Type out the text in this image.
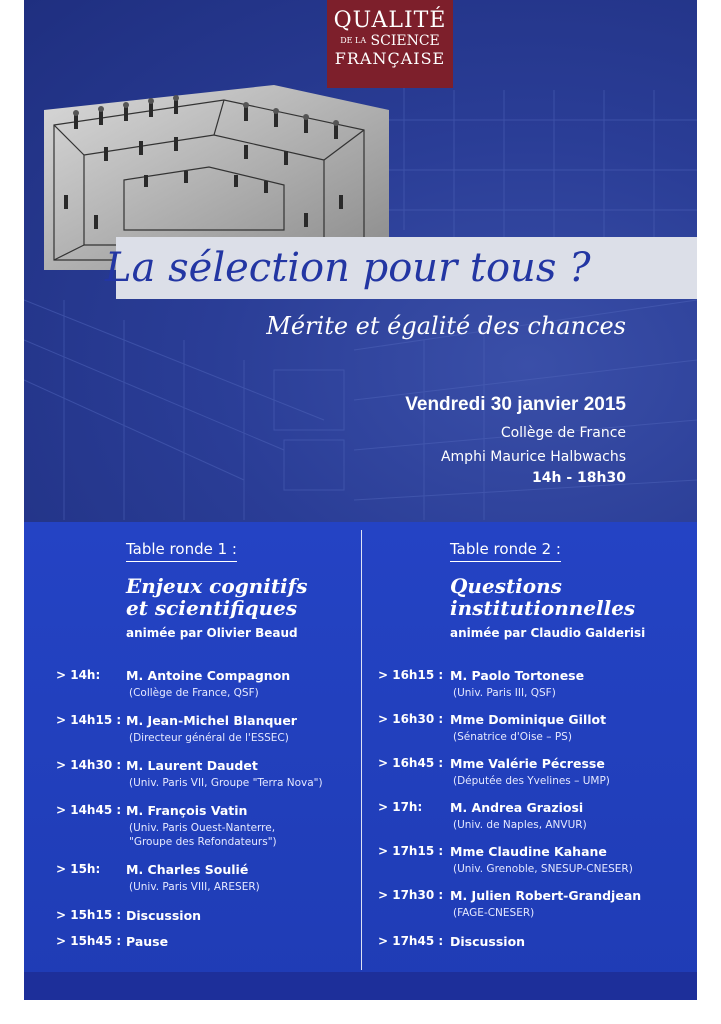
QUALITÉ
DE LA SCIENCE
FRANÇAISE
La sélection pour tous ?
Mérite et égalité des chances
Vendredi 30 janvier 2015
Collège de France
Amphi Maurice Halbwachs
14h - 18h30
Table ronde 1 :
Enjeux cognitifs
et scientifiques
animée par Olivier Beaud
> 14h: M. Antoine Compagnon
(Collège de France, QSF)
> 14h15 : M. Jean-Michel Blanquer
(Directeur général de l'ESSEC)
> 14h30 : M. Laurent Daudet
(Univ. Paris VII, Groupe "Terra Nova")
> 14h45 : M. François Vatin
(Univ. Paris Ouest-Nanterre,
"Groupe des Refondateurs")
> 15h: M. Charles Soulié
(Univ. Paris VIII, ARESER)
> 15h15 : Discussion
> 15h45 : Pause
Table ronde 2 :
Questions
institutionnelles
animée par Claudio Galderisi
> 16h15 : M. Paolo Tortonese
(Univ. Paris III, QSF)
> 16h30 : Mme Dominique Gillot
(Sénatrice d'Oise – PS)
> 16h45 : Mme Valérie Pécresse
(Députée des Yvelines – UMP)
> 17h: M. Andrea Graziosi
(Univ. de Naples, ANVUR)
> 17h15 : Mme Claudine Kahane
(Univ. Grenoble, SNESUP-CNESER)
> 17h30 : M. Julien Robert-Grandjean
(FAGE-CNESER)
> 17h45 : Discussion
